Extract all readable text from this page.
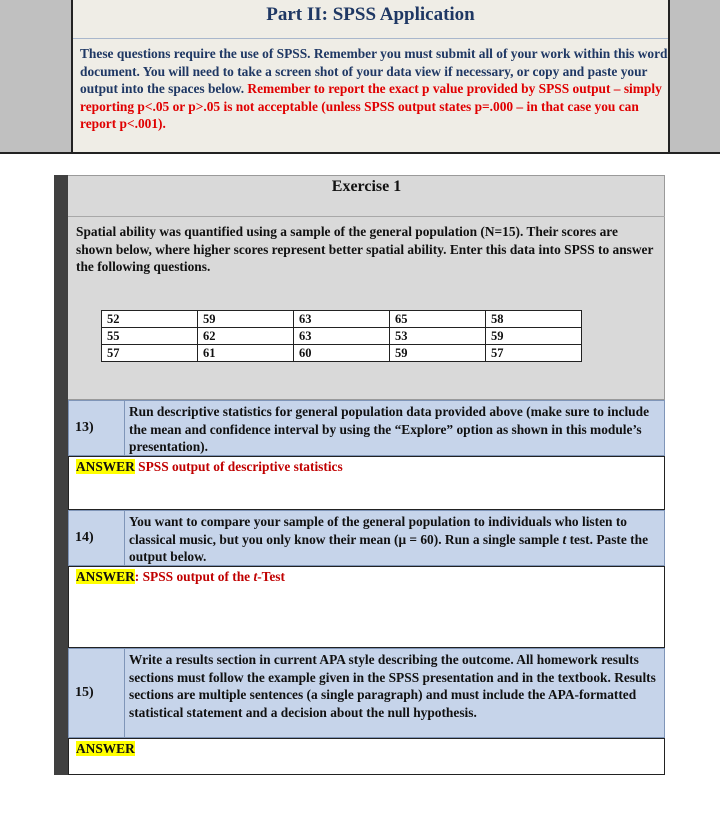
Part II: SPSS Application
These questions require the use of SPSS. Remember you must submit all of your work within this word document. You will need to take a screen shot of your data view if necessary, or copy and paste your output into the spaces below. Remember to report the exact p value provided by SPSS output – simply reporting p<.05 or p>.05 is not acceptable (unless SPSS output states p=.000 – in that case you can report p<.001).
Exercise 1
Spatial ability was quantified using a sample of the general population (N=15). Their scores are shown below, where higher scores represent better spatial ability. Enter this data into SPSS to answer the following questions.
52	59	63	65	58
55	62	63	53	59
57	61	60	59	57
13)
Run descriptive statistics for general population data provided above (make sure to include the mean and confidence interval by using the “Explore” option as shown in this module’s presentation).
ANSWER SPSS output of descriptive statistics
14)
You want to compare your sample of the general population to individuals who listen to classical music, but you only know their mean (μ = 60). Run a single sample t test. Paste the output below.
ANSWER: SPSS output of the t-Test
15)
Write a results section in current APA style describing the outcome. All homework results sections must follow the example given in the SPSS presentation and in the textbook. Results sections are multiple sentences (a single paragraph) and must include the APA-formatted statistical statement and a decision about the null hypothesis.
ANSWER
